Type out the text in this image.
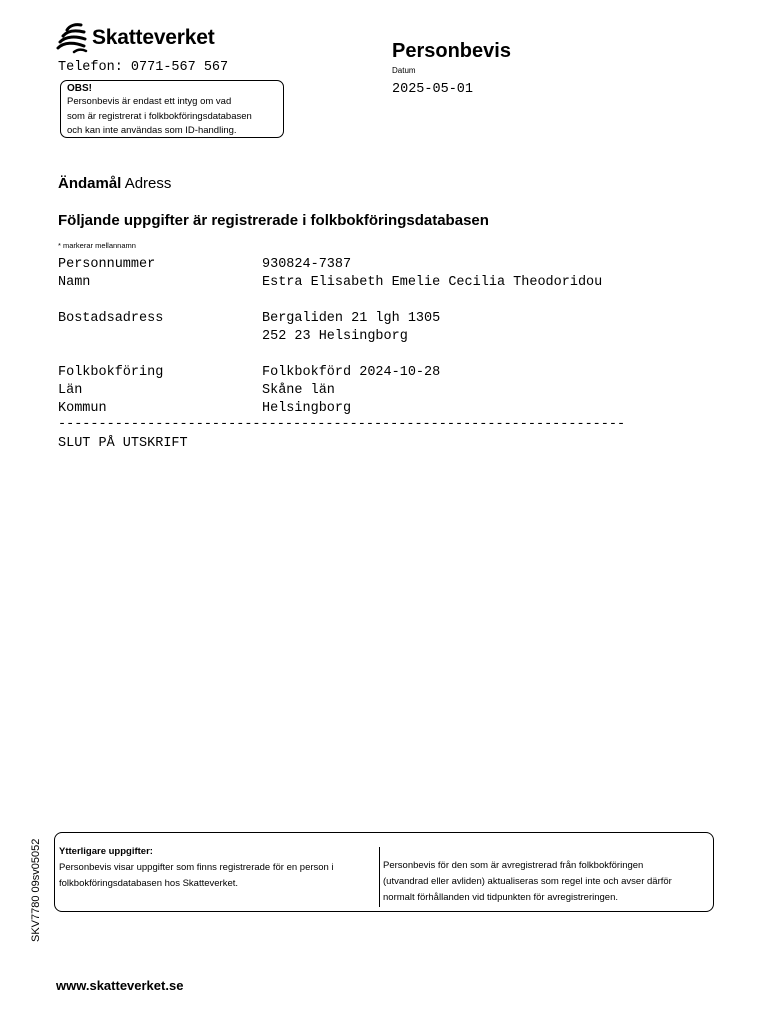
Skatteverket
Telefon: 0771-567 567
OBS!
Personbevis är endast ett intyg om vad
som är registrerat i folkbokföringsdatabasen
och kan inte användas som ID-handling.
Personbevis
Datum
2025-05-01
Ändamål Adress
Följande uppgifter är registrerade i folkbokföringsdatabasen
* markerar mellannamn
Personnummer	930824-7387
Namn	Estra Elisabeth Emelie Cecilia Theodoridou
Bostadsadress	Bergaliden 21 lgh 1305
252 23 Helsingborg
Folkbokföring	Folkbokförd 2024-10-28
Län	Skåne län
Kommun	Helsingborg
----------------------------------------------------------------------
SLUT PÅ UTSKRIFT
Ytterligare uppgifter:
Personbevis visar uppgifter som finns registrerade för en person i
folkbokföringsdatabasen hos Skatteverket.
Personbevis för den som är avregistrerad från folkbokföringen
(utvandrad eller avliden) aktualiseras som regel inte och avser därför
normalt förhållanden vid tidpunkten för avregistreringen.
SKV7780 09sv05052
www.skatteverket.se
